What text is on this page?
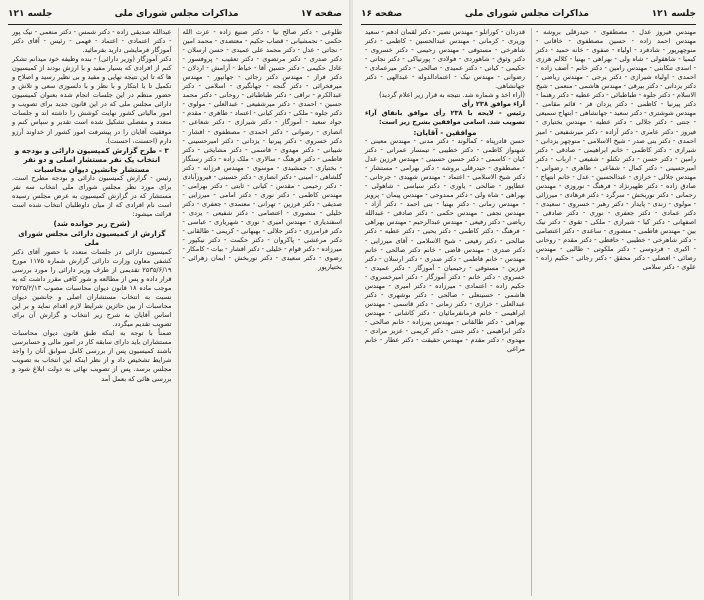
جلسه ۱۲۱	مذاکرات مجلس شورای ملی	صفحه ۱۷

طلوعی - دکتر صالح نیا - دکتر صنیع زاده - عزت الله حکمی - نجمشیانی - قصاب حکیم - معتضدی - محمد امین - نجاتی - عدل - دکتر محمد علی عمیدی - حسن ارسلان - دکتر صدری - دکتر مرتضوی - دکتر تعقیب - پروفسور - عادل حکیمی - دکتر حسین آقا - خیاط - آرامش - اردلان - دکتر فراز - مهندس دکتر رجائی - جهانپور - مهندس میرفخرائی - دکتر گنجه - جهانگیری - اسلامی - دکتر عبدالکرم - نراقی - دکتر طباطبائی - روحانی - دکتر محمد حسین - احمدی - دکتر میرشفیعی - عبدالعلی - مولوی - دکتر جلوه - ملکی - دکتر کیانی - اعتماد - طاهری - مقدم - جواد سعید - آموزگار - دکتر شیرازی - دکتر شعاعی - انصاری - رضوانی - دکتر احمدی - مصطفوی - افشار - دکتر خسروی - دکتر پیرنیا - یزدانی - دکتر امیرحسینی - شیبانی - دکتر مهدوی - قاسمی - دکتر مشایخی - دکتر فاطمی - دکتر فرهنگ - سالاری - ملک زاده - دکتر رستگار - بختیاری - جمشیدی - موسوی - مهندس فرزانه - دکتر گلشاهی - امینی - دکتر انصاری - دکتر حسینی - فیروزآبادی - دکتر رحیمی - مقدس - کیانی - ثابتی - دکتر بهرامی - مهندس کاظمی - دکتر نوری - دکتر امامی - میرزایی - صدیقی - دکتر فرزین - تهرانی - معتمدی - جعفری - دکتر خلیلی - منصوری - اعتصامی - دکتر شفیعی - یزدی - اسفندیاری - مهندس امیری - نوری - شهریاری - عباسی - دکتر فرامرزی - دکتر جلالی - بهبهانی - کریمی - طالقانی - دکتر مرعشی - پاکروان - دکتر حکمت - دکتر نیکپور - میرزاده - دکتر قوام - خلیلی - دکتر افشار - بیات - کامکار - رضوی - دکتر سعیدی - دکتر نوربخش - ایمان زهرائی - بختیارپور

عبدالله صدیقی زاده - دکتر شمس - دکتر منعمی - نیک پور - دکتر اعتمادی - اعتماد - فهمی - رئیس - آقای دکتر آموزگار فرمایشی دارید بفرمائید.

دکتر آموزگار (وزیر دارائی) - بنده وظیفه خود میدانم تشکر کنم از افرادی که بسیار مفید و با ارزش بودند از کمیسیون ها که تا این نتیجه نهایی و مفید و بی نظیر رسید و اصلاح و تکمیل تا با ابتکار و با نظر و با دلسوزی سعی و تلاش و حضور منظم در این جلسات انجام شده بعنوان کمیسیون دارائی مجلس ملی که در این قانون جدید برای تصویب و امور مالیاتی کشور نهایت کوشش را داشته اند و جلسات متعدد و مفصلی تشکیل شده است تقدیر و سپاس کنم و موفقیت آقایان را در پیشرفت امور کشور از خداوند آرزو دارم (احسنت، احسنت).

۳ - طرح گزارش کمیسیون دارائی و بودجه و انتخاب یک نفر مستشار اصلی و دو نفر مستشار جانشین دیوان محاسبات

رئیس - گزارش کمیسیون دارائی و بودجه مطرح است. برای مورد نظر مجلس شورای ملی انتخاب سه نفر مستشار که در گزارش کمیسیون به عرض مجلس رسیده است نام افرادی که از میان داوطلبان انتخاب شده است قرائت میشود:

(شرح زیر خوانده شد)

گزارش از کمیسیون دارائی مجلس شورای ملی

کمیسیون دارائی در جلسات متعدد با حضور آقای دکتر کشفی معاون وزارت دارائی گزارش شماره ۱۱۷۵ مورخ ۲۵۳۵/۶/۱۹ تقدیمی از طرف وزیر دارائی را مورد بررسی قرار داده و پس از مطالعه و شور کافی مقرر داشت که به موجب ماده ۱۸ قانون دیوان محاسبات مصوب ۲۵۳۵/۲/۱۳ نسبت به انتخاب مستشاران اصلی و جانشین دیوان محاسبات از بین حائزین شرایط لازم اقدام نماید و بر این اساس آقایان به شرح زیر انتخاب و گزارش آن برای تصویب تقدیم میگردد.

ضمناً با توجه به اینکه طبق قانون دیوان محاسبات مستشاران باید دارای سابقه کار در امور مالی و حسابرسی باشند کمیسیون پس از بررسی کامل سوابق آنان را واجد شرایط تشخیص داد و از نظر اینکه این انتخاب به تصویب مجلس برسد. پس از تصویب نهائی به دولت ابلاغ شود و بررسی هائی که بعمل آمد

صفحه ۱۶	مذاکرات مجلس شورای ملی	جلسه ۱۲۱

مهندس فیروز عدل - مصطفوی - حیدرقلی بروشه - مهندس احمد زاده - حسین مصطفوی - خاقانی - منوچهرپور - شادفرد - اولیاء - صفوی - خانه حمید - دکتر کیمیا - شاهقولی - شاه ولی - بهراهی - بهنیا - کلالم هرزی - اسدی تنکابنی - مهندس رامین - دکتر خانم - آصف زاده - احمدی - اولیاء شیرازی - دکتر یرجی - مهندس ریاضی - دکتر یزدانی - دکتر بیرقی - مهندس هاشمی - منعمی - شیخ الاسلام - دکتر جلوه - طباطبائی - دکتر عطیه - دکتر رهنما - دکتر پیرنیا - کاظمی - دکتر یزدان فر - قائم مقامی - مهندس شوشتری - دکتر سعید - جهانشاهی - ابتهاج سمیعی - جنتی - دکتر جلالی - دکتر عطیه - مهندس بختیاری - فیروز - دکتر عامری - دکتر آزاده - دکتر میرشفیعی - امیر احمدی - دکتر بنی صدر - شیخ الاسلامی - منوچهر یزدانی - شیرازی - دکتر کاظمی - خانم ابراهیمی - صادقی - دکتر رامین - دکتر حسن - دکتر تکنلو - شفیعی - ارباب - دکتر امیرحسینی - دکتر کمال - شفاعی - طاهری - رضوانی - مهندس جلالی - خرازی - عبدالحسین - عدل - خانم ابتهاج - صادق زاده - دکتر ظهیرنژاد - فرهنگ - نوروزی - مهندس رحمانی - دکتر نوربخش - سرگرد - دکتر فرهادی - میرزائی - مولوی - زندی - پایدار - دکتر رهبر - خسروی - سعیدی - دکتر عمادی - دکتر جعفری - نوری - دکتر صادقی - اصفهانی - دکتر کیا - شیرازی - ملکی - تقوی - دکتر نیک بین - مهندس فاطمی - منصوری - ساعدی - دکتر اعتصامی - دکتر شاهرخی - خطیبی - حافظی - دکتر مقدم - روحانی - اکبری - فردوسی - دکتر ملکوتی - طالبی - مهندس رضائی - افضلی - دکتر محقق - دکتر رجائی - حکیم زاده - علوی - دکتر سلامی

قدردان - کورانلو - مهندس نصیر - دکتر لقمان ادهم - سعید وزیری - کرمانی - مهندس عبدالحسین - کاظمی - دکتر شاهرخی - مستوفی - مهندس رحیمی - دکتر خسروی - دکتر وثوق - شاهوردی - فولادی - پورنیاکی - دکتر نجاتی - حکیمی - کیانی - دکتر عمیدی - صالحی - دکتر میرعمادی - رضوانی - مهندس نیک - اعتمادالدوله - عبدالهی - دکتر جهانشاهی.

(آراء اخذ و شماره شد. نتیجه به قرار زیر اعلام گردید)

آراء موافق ۲۳۸ رأی

رئیس - لایحه با ۲۳۸ رأی موافق باتفاق آراء تصویب شد. اسامی موافقین بشرح زیر است:

موافقین - آقایان:

حسن قادرپناه - کمالوند - دکتر مدنی - مهندس معینی - شهنواز کاظمی - دکتر خطیبی - تیمسار عمرانی - دکتر کیان - کاسمی - دکتر حسین حسینی - مهندس فرزین عدل - مصطفوی - حیدرقلی بروشه - دکتر بهرامی - مستشار - دکتر شیخ الاسلامی - اعتماد - مهندس شهیدی - جرجانی - عطاپور - صالحی - یاوری - دکتر سیاسی - شاهولی - بهراهی - شاه ولی - دکتر ممدوحی - مهندس پیمان - پرویز - مهندس زمانی - دکتر بهنیا - بنی احمد - دکتر آزاد - مهندس نجفی - مهندس حکمی - دکتر صادقی - عبدالله ریاضی - دکتر رفیعی - مهندس عبدالرحیم - مهندس بهراهی - فرهنگ - دکتر کاظمی - دکتر یحیی - دکتر عطیه - دکتر صالحی - دکتر رفیعی - شیخ الاسلامی - آقای میرزایی - دکتر صدری - مهندس قاضی - خانم دکتر صالحی - خانم مهندس - خانم فاطمی - دکتر صدری - دکتر ارسلان - دکتر فرزین - مستوفی - رحیمیان - آموزگار - دکتر عمیدی - خسروی - دکتر خانم - دکتر آموزگار - دکتر امیرخسروی - حکیم زاده - اعتمادی - میرزاده - دکتر امیری - مهندس هاشمی - حسینعلی - صالحی - دکتر بوشهری - دکتر عبدالعلی - خرازی - دکتر زمانی - دکتر قاسمی - مهندس ابراهیمی - خانم فرمانفرمائیان - دکتر کاشانی - مهندس بهراهی - دکتر طالقانی - مهندس پیرزاده - خانم صالحی - دکتر ابراهیمی - دکتر جنتی - دکتر کریمی - عزیز مرادی - مهدوی - دکتر مقدم - مهندس حقیقت - دکتر عطار - خانم مراغی
